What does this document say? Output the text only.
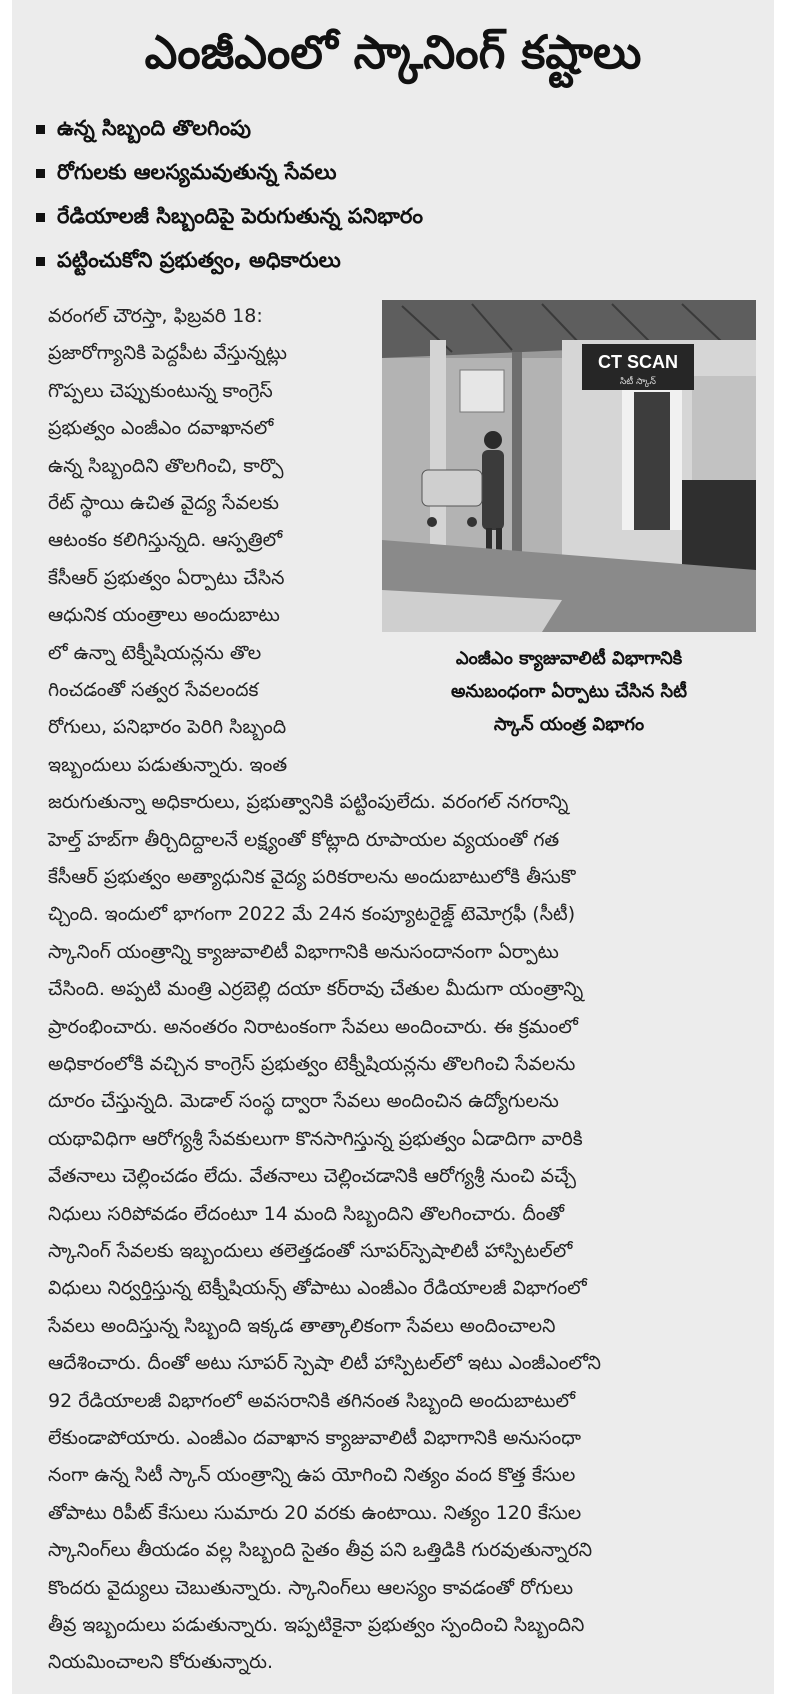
ఎంజీఎంలో స్కానింగ్ కష్టాలు
ఉన్న సిబ్బంది తొలగింపు
రోగులకు ఆలస్యమవుతున్న సేవలు
రేడియాలజీ సిబ్బందిపై పెరుగుతున్న పనిభారం
పట్టించుకోని ప్రభుత్వం, అధికారులు
CT SCAN
సిటీ స్కాన్
ఎంజీఎం క్యాజువాలిటీ విభాగానికి
అనుబంధంగా ఏర్పాటు చేసిన సిటీ
స్కాన్ యంత్ర విభాగం
వరంగల్ చౌరస్తా, ఫిబ్రవరి 18:
ప్రజారోగ్యానికి పెద్దపీట వేస్తున్నట్లు
గొప్పలు చెప్పుకుంటున్న కాంగ్రెస్
ప్రభుత్వం ఎంజీఎం దవాఖానలో
ఉన్న సిబ్బందిని తొలగించి, కార్పొ
రేట్ స్థాయి ఉచిత వైద్య సేవలకు
ఆటంకం కలిగిస్తున్నది. ఆస్పత్రిలో
కేసీఆర్ ప్రభుత్వం ఏర్పాటు చేసిన
ఆధునిక యంత్రాలు అందుబాటు
లో ఉన్నా టెక్నీషియన్లను తొల
గించడంతో సత్వర సేవలందక
రోగులు, పనిభారం పెరిగి సిబ్బంది
ఇబ్బందులు పడుతున్నారు. ఇంత
జరుగుతున్నా అధికారులు, ప్రభుత్వానికి పట్టింపులేదు. వరంగల్ నగరాన్ని
హెల్త్ హబ్‌గా తీర్చిదిద్దాలనే లక్ష్యంతో కోట్లాది రూపాయల వ్యయంతో గత
కేసీఆర్ ప్రభుత్వం అత్యాధునిక వైద్య పరికరాలను అందుబాటులోకి తీసుకొ
చ్చింది. ఇందులో భాగంగా 2022 మే 24న కంప్యూటరైజ్డ్ టెమోగ్రఫీ (సీటీ)
స్కానింగ్ యంత్రాన్ని క్యాజువాలిటీ విభాగానికి అనుసందానంగా ఏర్పాటు
చేసింది. అప్పటి మంత్రి ఎర్రబెల్లి దయా కర్‌రావు చేతుల మీదుగా యంత్రాన్ని
ప్రారంభించారు. అనంతరం నిరాటంకంగా సేవలు అందించారు. ఈ క్రమంలో
అధికారంలోకి వచ్చిన కాంగ్రెస్ ప్రభుత్వం టెక్నీషియన్లను తొలగించి సేవలను
దూరం చేస్తున్నది. మెడాల్ సంస్థ ద్వారా సేవలు అందించిన ఉద్యోగులను
యథావిధిగా ఆరోగ్యశ్రీ సేవకులుగా కొనసాగిస్తున్న ప్రభుత్వం ఏడాదిగా వారికి
వేతనాలు చెల్లించడం లేదు. వేతనాలు చెల్లించడానికి ఆరోగ్యశ్రీ నుంచి వచ్చే
నిధులు సరిపోవడం లేదంటూ 14 మంది సిబ్బందిని తొలగించారు. దీంతో
స్కానింగ్ సేవలకు ఇబ్బందులు తలెత్తడంతో సూపర్‌స్పెషాలిటీ హాస్పిటల్‌లో
విధులు నిర్వర్తిస్తున్న టెక్నీషియన్స్ తోపాటు ఎంజీఎం రేడియాలజీ విభాగంలో
సేవలు అందిస్తున్న సిబ్బంది ఇక్కడ తాత్కాలికంగా సేవలు అందించాలని
ఆదేశించారు. దీంతో అటు సూపర్ స్పెషా లిటీ హాస్పిటల్‌లో ఇటు ఎంజీఎంలోని
92 రేడియాలజీ విభాగంలో అవసరానికి తగినంత సిబ్బంది అందుబాటులో
లేకుండాపోయారు. ఎంజీఎం దవాఖాన క్యాజువాలిటీ విభాగానికి అనుసంధా
నంగా ఉన్న సిటీ స్కాన్ యంత్రాన్ని ఉప యోగించి నిత్యం వంద కొత్త కేసుల
తోపాటు రిపీట్ కేసులు సుమారు 20 వరకు ఉంటాయి. నిత్యం 120 కేసుల
స్కానింగ్‌లు తీయడం వల్ల సిబ్బంది సైతం తీవ్ర పని ఒత్తిడికి గురవుతున్నారని
కొందరు వైద్యులు చెబుతున్నారు. స్కానింగ్‌లు ఆలస్యం కావడంతో రోగులు
తీవ్ర ఇబ్బందులు పడుతున్నారు. ఇప్పటికైనా ప్రభుత్వం స్పందించి సిబ్బందిని
నియమించాలని కోరుతున్నారు.
